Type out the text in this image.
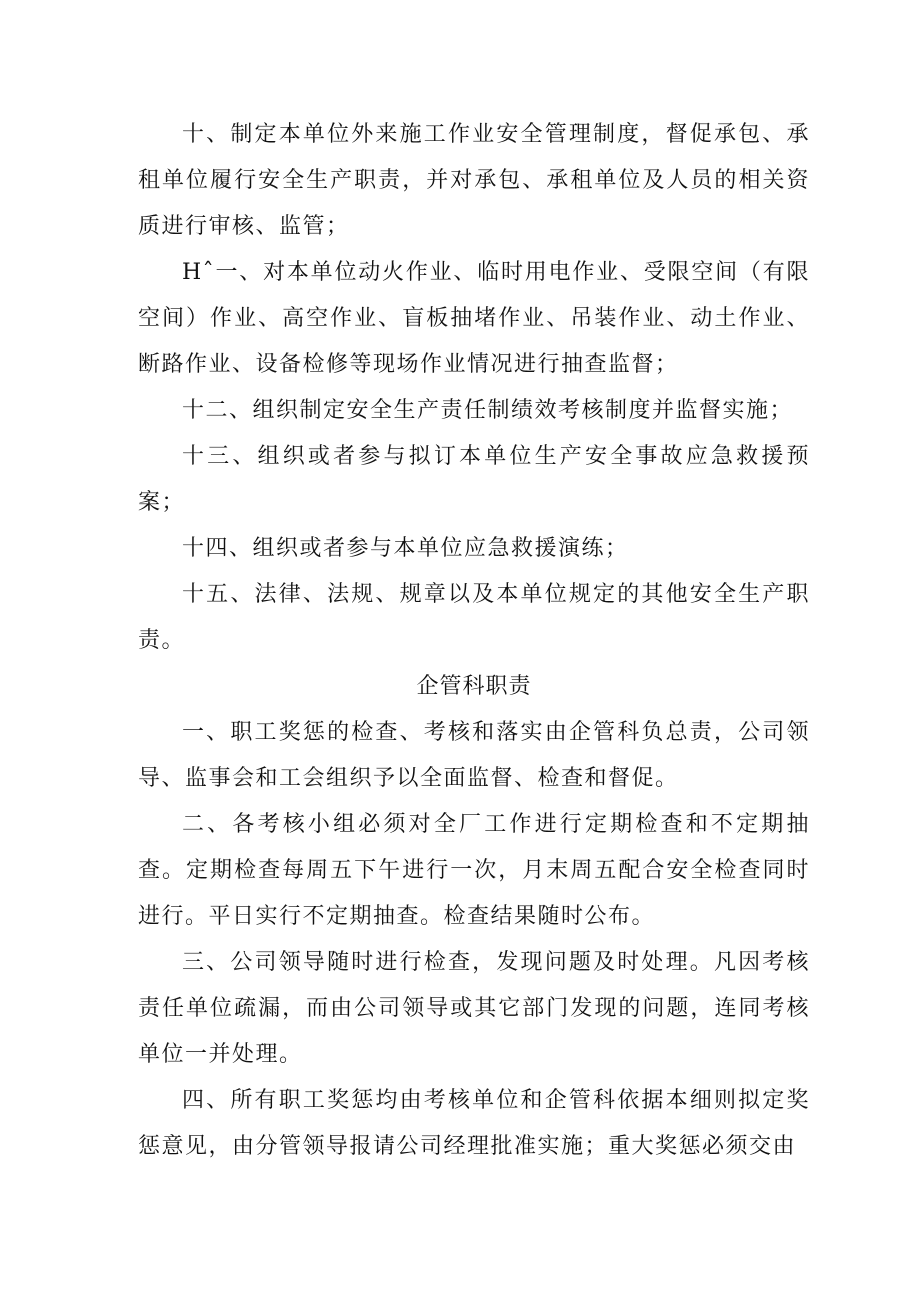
十、制定本单位外来施工作业安全管理制度，督促承包、承租单位履行安全生产职责，并对承包、承租单位及人员的相关资质进行审核、监管；

Hˆ一、对本单位动火作业、临时用电作业、受限空间（有限空间）作业、高空作业、盲板抽堵作业、吊装作业、动土作业、断路作业、设备检修等现场作业情况进行抽查监督；

十二、组织制定安全生产责任制绩效考核制度并监督实施；

十三、组织或者参与拟订本单位生产安全事故应急救援预案；

十四、组织或者参与本单位应急救援演练；

十五、法律、法规、规章以及本单位规定的其他安全生产职责。

企管科职责

一、职工奖惩的检查、考核和落实由企管科负总责，公司领导、监事会和工会组织予以全面监督、检查和督促。

二、各考核小组必须对全厂工作进行定期检查和不定期抽查。定期检查每周五下午进行一次，月末周五配合安全检查同时进行。平日实行不定期抽查。检查结果随时公布。

三、公司领导随时进行检查，发现问题及时处理。凡因考核责任单位疏漏，而由公司领导或其它部门发现的问题，连同考核单位一并处理。

四、所有职工奖惩均由考核单位和企管科依据本细则拟定奖惩意见，由分管领导报请公司经理批准实施；重大奖惩必须交由
